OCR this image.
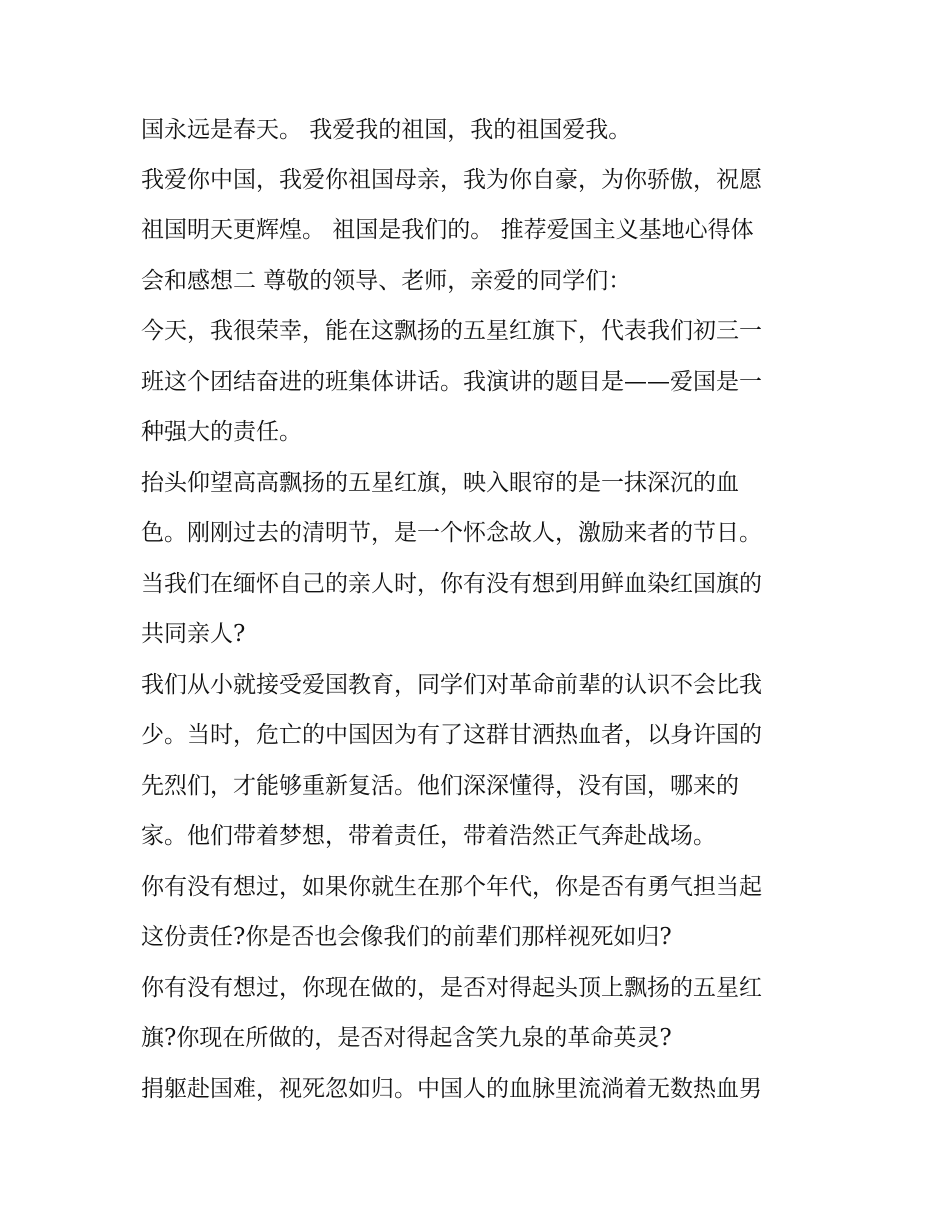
国永远是春天。 我爱我的祖国，我的祖国爱我。
我爱你中国，我爱你祖国母亲，我为你自豪，为你骄傲，祝愿
祖国明天更辉煌。 祖国是我们的。 推荐爱国主义基地心得体
会和感想二 尊敬的领导、老师，亲爱的同学们：
今天，我很荣幸，能在这飘扬的五星红旗下，代表我们初三一
班这个团结奋进的班集体讲话。我演讲的题目是——爱国是一
种强大的责任。
抬头仰望高高飘扬的五星红旗，映入眼帘的是一抹深沉的血
色。刚刚过去的清明节，是一个怀念故人，激励来者的节日。
当我们在缅怀自己的亲人时，你有没有想到用鲜血染红国旗的
共同亲人?
我们从小就接受爱国教育，同学们对革命前辈的认识不会比我
少。当时，危亡的中国因为有了这群甘洒热血者，以身许国的
先烈们，才能够重新复活。他们深深懂得，没有国，哪来的
家。他们带着梦想，带着责任，带着浩然正气奔赴战场。
你有没有想过，如果你就生在那个年代，你是否有勇气担当起
这份责任?你是否也会像我们的前辈们那样视死如归?
你有没有想过，你现在做的，是否对得起头顶上飘扬的五星红
旗?你现在所做的，是否对得起含笑九泉的革命英灵?
捐躯赴国难，视死忽如归。中国人的血脉里流淌着无数热血男
